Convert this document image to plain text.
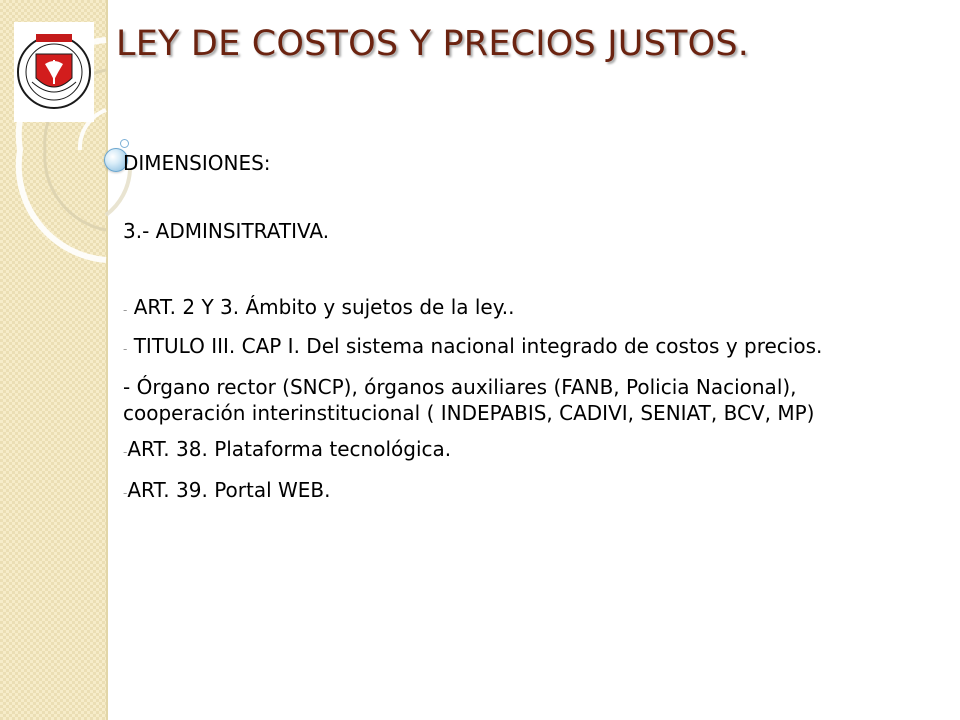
LEY DE COSTOS Y PRECIOS JUSTOS.

DIMENSIONES:

3.- ADMINSITRATIVA.

- ART. 2 Y 3. Ámbito y sujetos de la ley..

- TITULO III. CAP I. Del sistema nacional integrado de costos y precios.

- Órgano rector (SNCP), órganos auxiliares (FANB, Policia Nacional), cooperación interinstitucional ( INDEPABIS, CADIVI, SENIAT, BCV, MP)

-ART. 38. Plataforma tecnológica.

-ART. 39. Portal WEB.
